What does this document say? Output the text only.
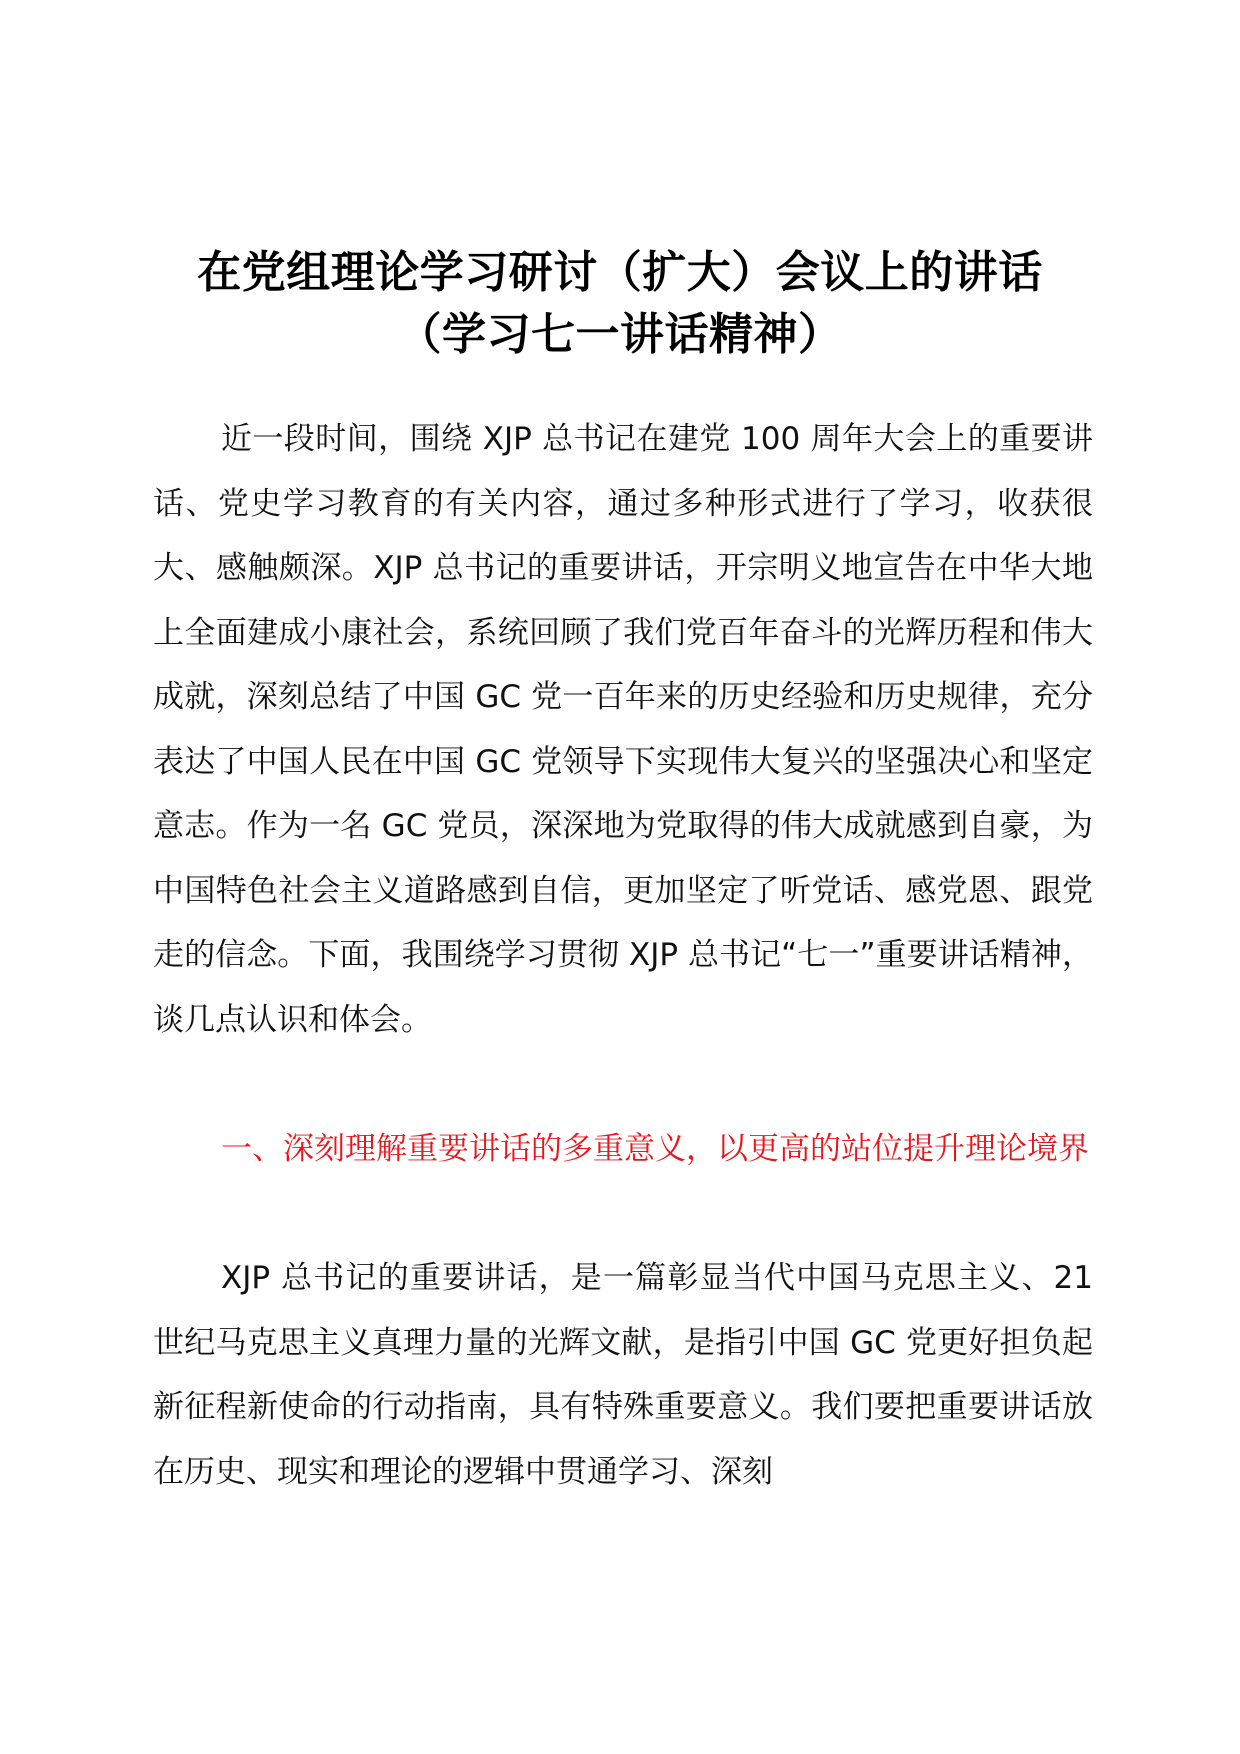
在党组理论学习研讨（扩大）会议上的讲话
（学习七一讲话精神）

近一段时间，围绕 XJP 总书记在建党 100 周年大会上的重要讲话、党史学习教育的有关内容，通过多种形式进行了学习，收获很大、感触颇深。XJP 总书记的重要讲话，开宗明义地宣告在中华大地上全面建成小康社会，系统回顾了我们党百年奋斗的光辉历程和伟大成就，深刻总结了中国 GC 党一百年来的历史经验和历史规律，充分表达了中国人民在中国 GC 党领导下实现伟大复兴的坚强决心和坚定意志。作为一名 GC 党员，深深地为党取得的伟大成就感到自豪，为中国特色社会主义道路感到自信，更加坚定了听党话、感党恩、跟党走的信念。下面，我围绕学习贯彻 XJP 总书记“七一”重要讲话精神，谈几点认识和体会。

一、深刻理解重要讲话的多重意义，以更高的站位提升理论境界

XJP 总书记的重要讲话，是一篇彰显当代中国马克思主义、21 世纪马克思主义真理力量的光辉文献，是指引中国 GC 党更好担负起新征程新使命的行动指南，具有特殊重要意义。我们要把重要讲话放在历史、现实和理论的逻辑中贯通学习、深刻
